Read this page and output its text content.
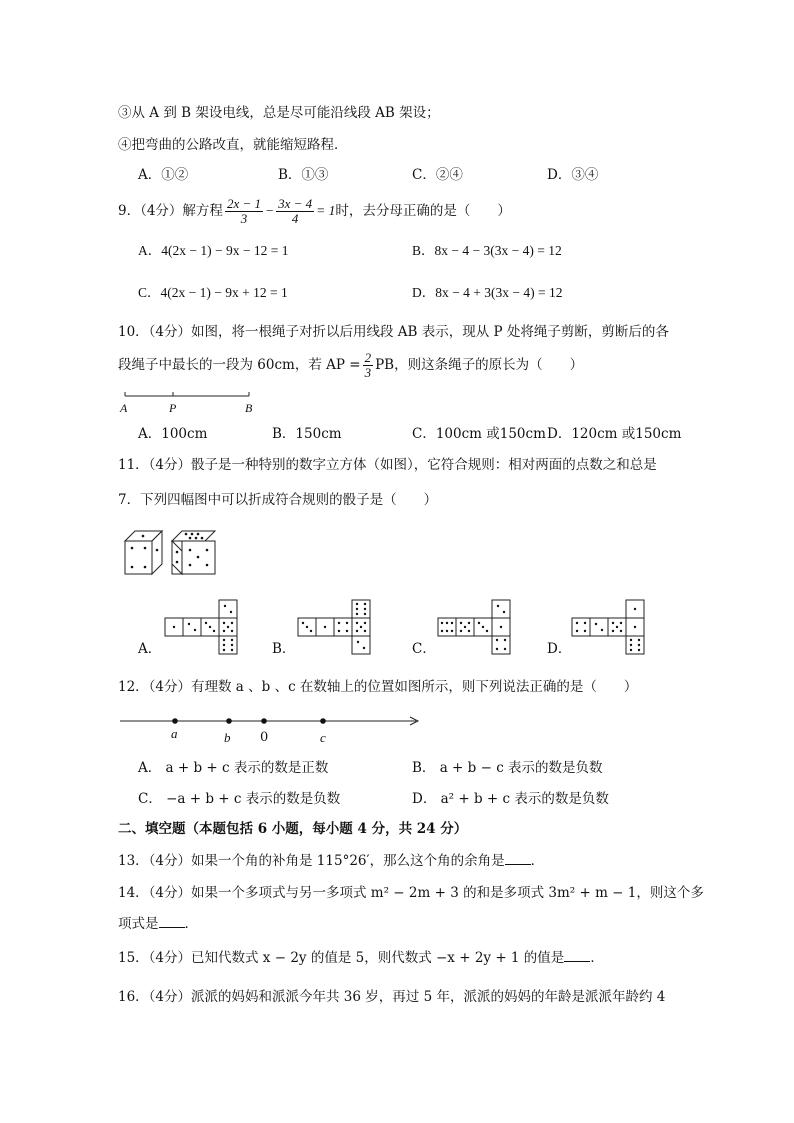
③从 A 到 B 架设电线，总是尽可能沿线段 AB 架设；
④把弯曲的公路改直，就能缩短路程．
A．①②	B．①③	C．②④	D．③④
9．（4分）解方程 $\frac{2x - 1}{3} - \frac{3x - 4}{4} = 1$时，去分母正确的是（　　）
A．4(2x − 1) − 9x − 12 = 1	B．8x − 4 − 3(3x − 4) = 12
C．4(2x − 1) − 9x + 12 = 1	D．8x − 4 + 3(3x − 4) = 12
10．（4分）如图，将一根绳子对折以后用线段 AB 表示，现从 P 处将绳子剪断，剪断后的各
段绳子中最长的一段为 60cm，若 AP = $\frac{2}{3}$ PB，则这条绳子的原长为（　　）
A	P	B
A．100cm	B．150cm	C．100cm 或150cm D．120cm 或150cm
11．（4分）骰子是一种特别的数字立方体（如图），它符合规则：相对两面的点数之和总是
7．下列四幅图中可以折成符合规则的骰子是（　　）
A．	B．	C．	D．
12．（4分）有理数 a 、b 、c 在数轴上的位置如图所示，则下列说法正确的是（　　）
a	b 0	c
A． a + b + c 表示的数是正数	B． a + b − c 表示的数是负数
C． −a + b + c 表示的数是负数	D． a² + b + c 表示的数是负数
二、填空题（本题包括 6 小题，每小题 4 分，共 24 分）
13．（4分）如果一个角的补角是 115°26′，那么这个角的余角是 ．
14．（4分）如果一个多项式与另一多项式 m² − 2m + 3 的和是多项式 3m² + m − 1，则这个多
项式是 ．
15．（4分）已知代数式 x − 2y 的值是 5，则代数式 −x + 2y + 1 的值是 ．
16．（4分）派派的妈妈和派派今年共 36 岁，再过 5 年，派派的妈妈的年龄是派派年龄约 4
